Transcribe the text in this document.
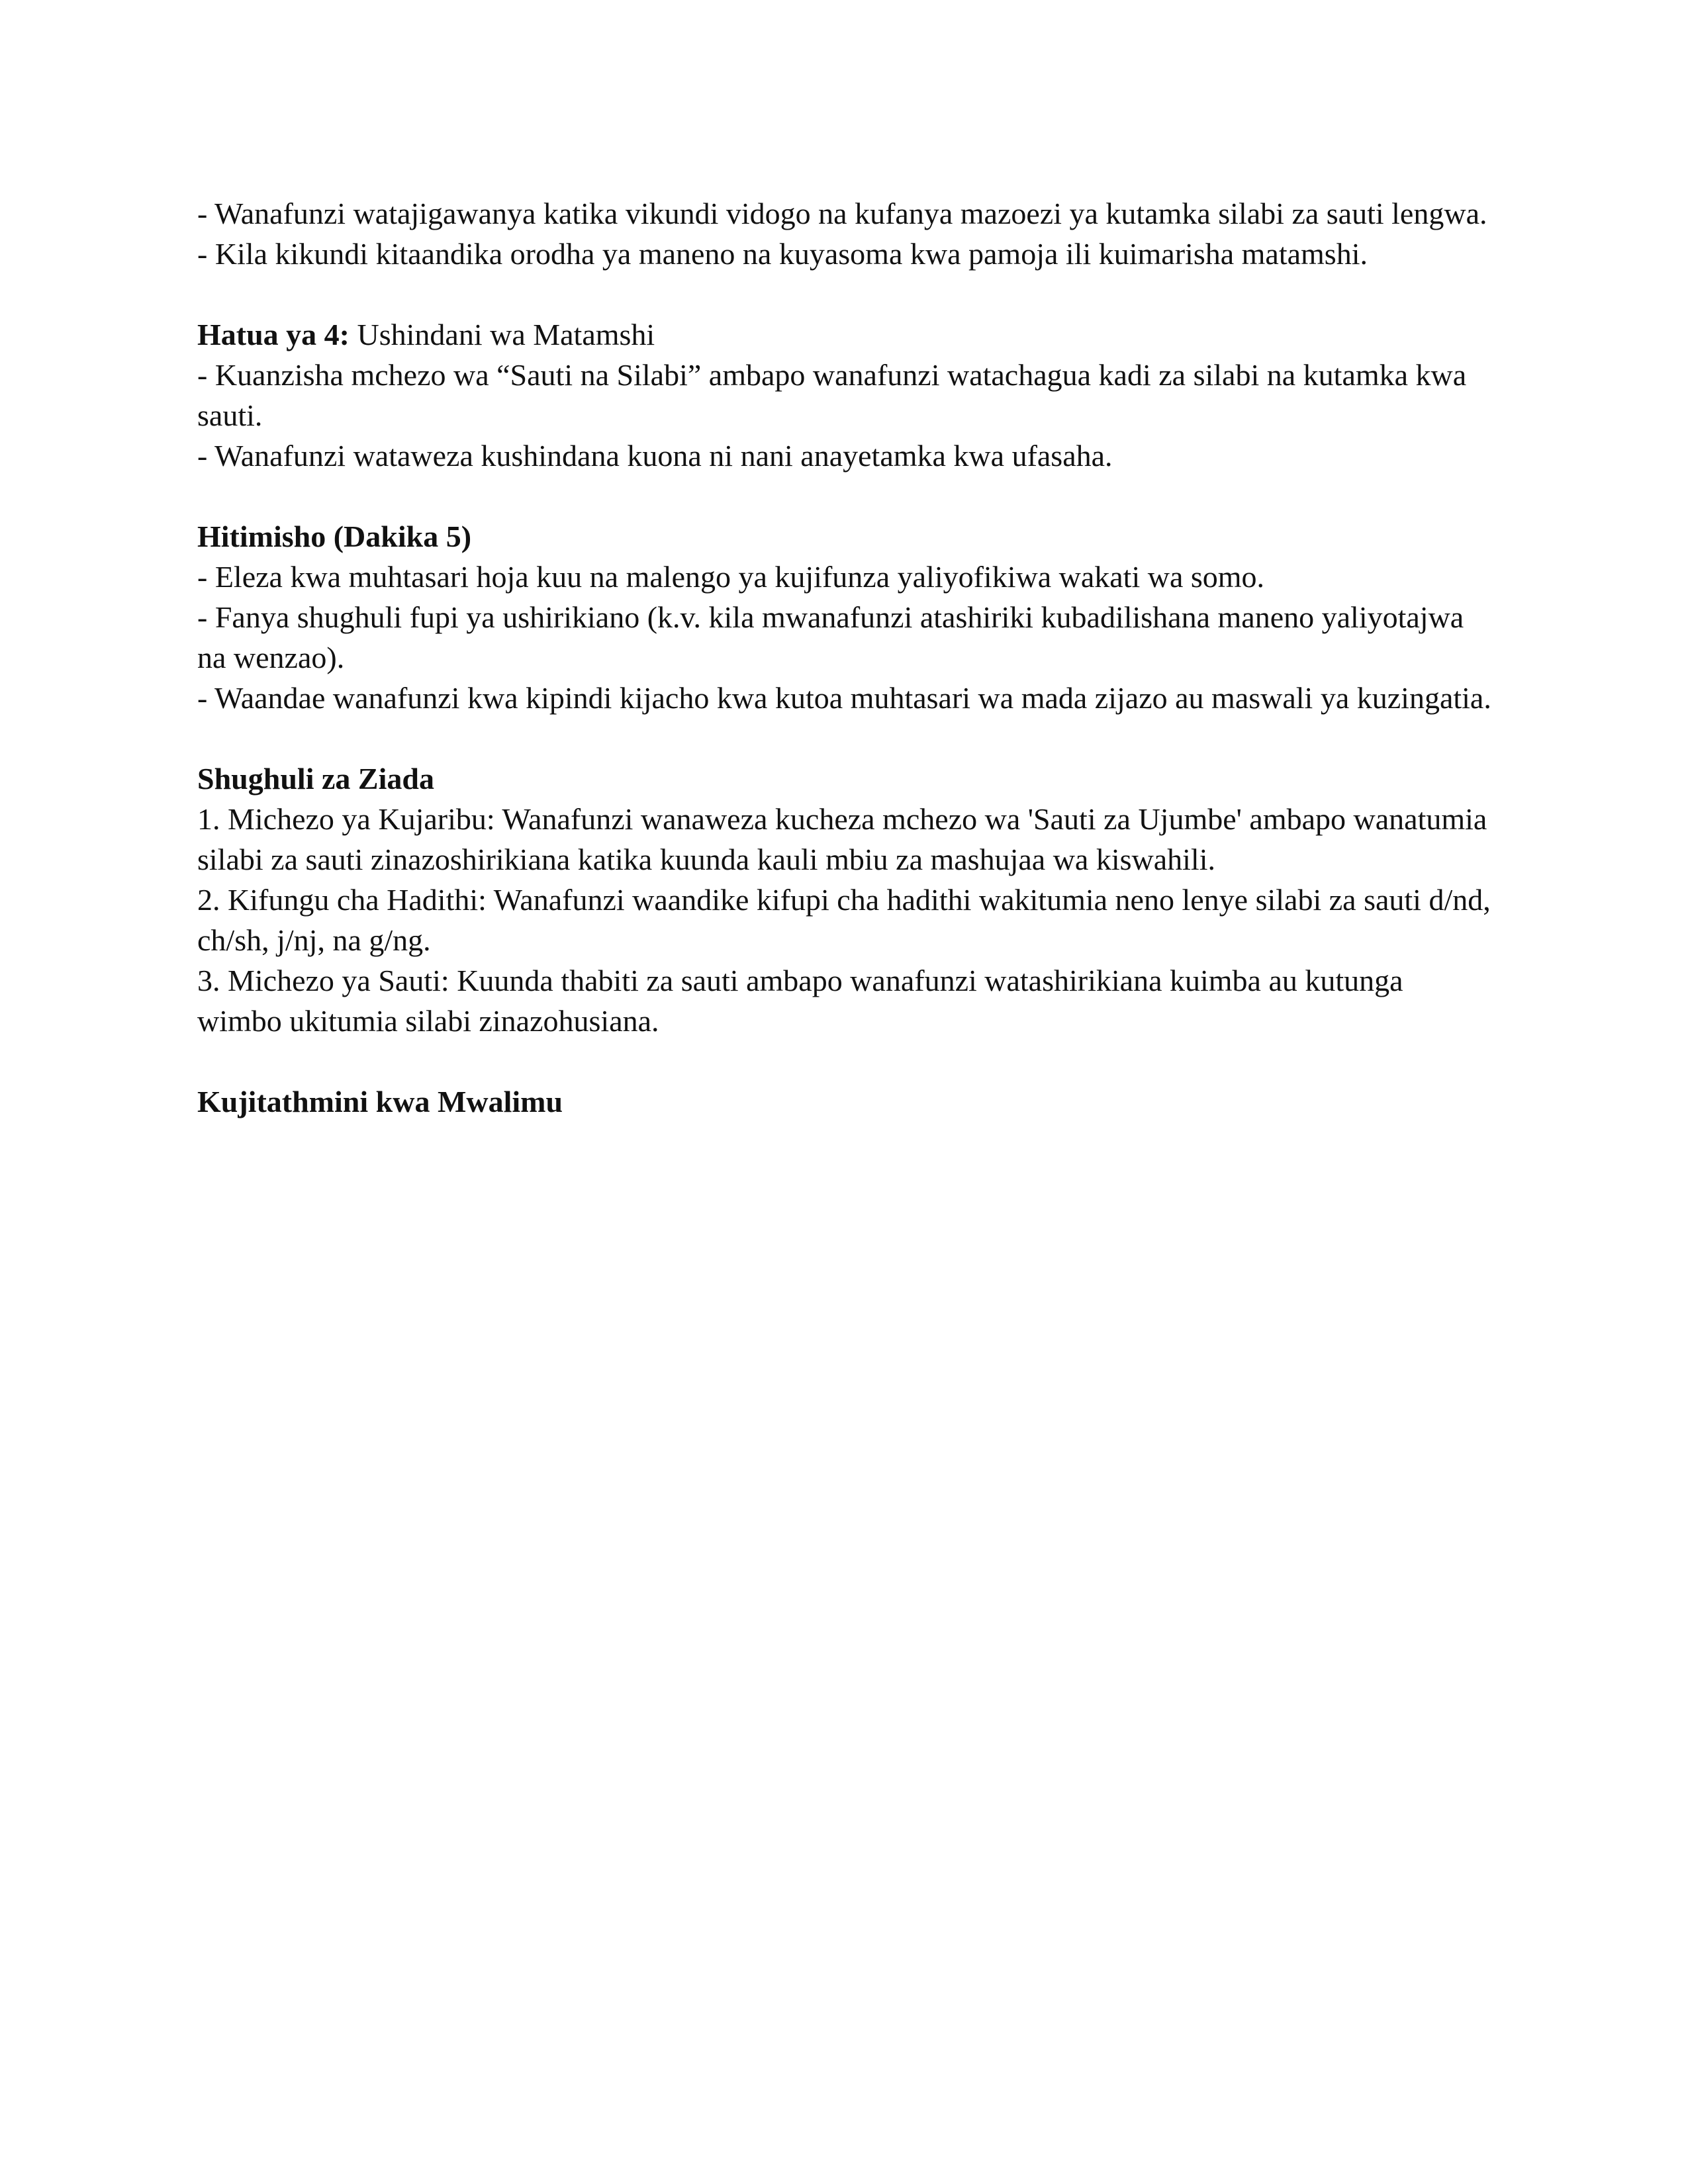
- Wanafunzi watajigawanya katika vikundi vidogo na kufanya mazoezi ya kutamka silabi za sauti lengwa.

- Kila kikundi kitaandika orodha ya maneno na kuyasoma kwa pamoja ili kuimarisha matamshi.

Hatua ya 4: Ushindani wa Matamshi

- Kuanzisha mchezo wa “Sauti na Silabi” ambapo wanafunzi watachagua kadi za silabi na kutamka kwa sauti.

- Wanafunzi wataweza kushindana kuona ni nani anayetamka kwa ufasaha.

Hitimisho (Dakika 5)

- Eleza kwa muhtasari hoja kuu na malengo ya kujifunza yaliyofikiwa wakati wa somo.

- Fanya shughuli fupi ya ushirikiano (k.v. kila mwanafunzi atashiriki kubadilishana maneno yaliyotajwa na wenzao).

- Waandae wanafunzi kwa kipindi kijacho kwa kutoa muhtasari wa mada zijazo au maswali ya kuzingatia.

Shughuli za Ziada

1. Michezo ya Kujaribu: Wanafunzi wanaweza kucheza mchezo wa 'Sauti za Ujumbe' ambapo wanatumia silabi za sauti zinazoshirikiana katika kuunda kauli mbiu za mashujaa wa kiswahili.

2. Kifungu cha Hadithi: Wanafunzi waandike kifupi cha hadithi wakitumia neno lenye silabi za sauti d/nd, ch/sh, j/nj, na g/ng.

3. Michezo ya Sauti: Kuunda thabiti za sauti ambapo wanafunzi watashirikiana kuimba au kutunga wimbo ukitumia silabi zinazohusiana.

Kujitathmini kwa Mwalimu
